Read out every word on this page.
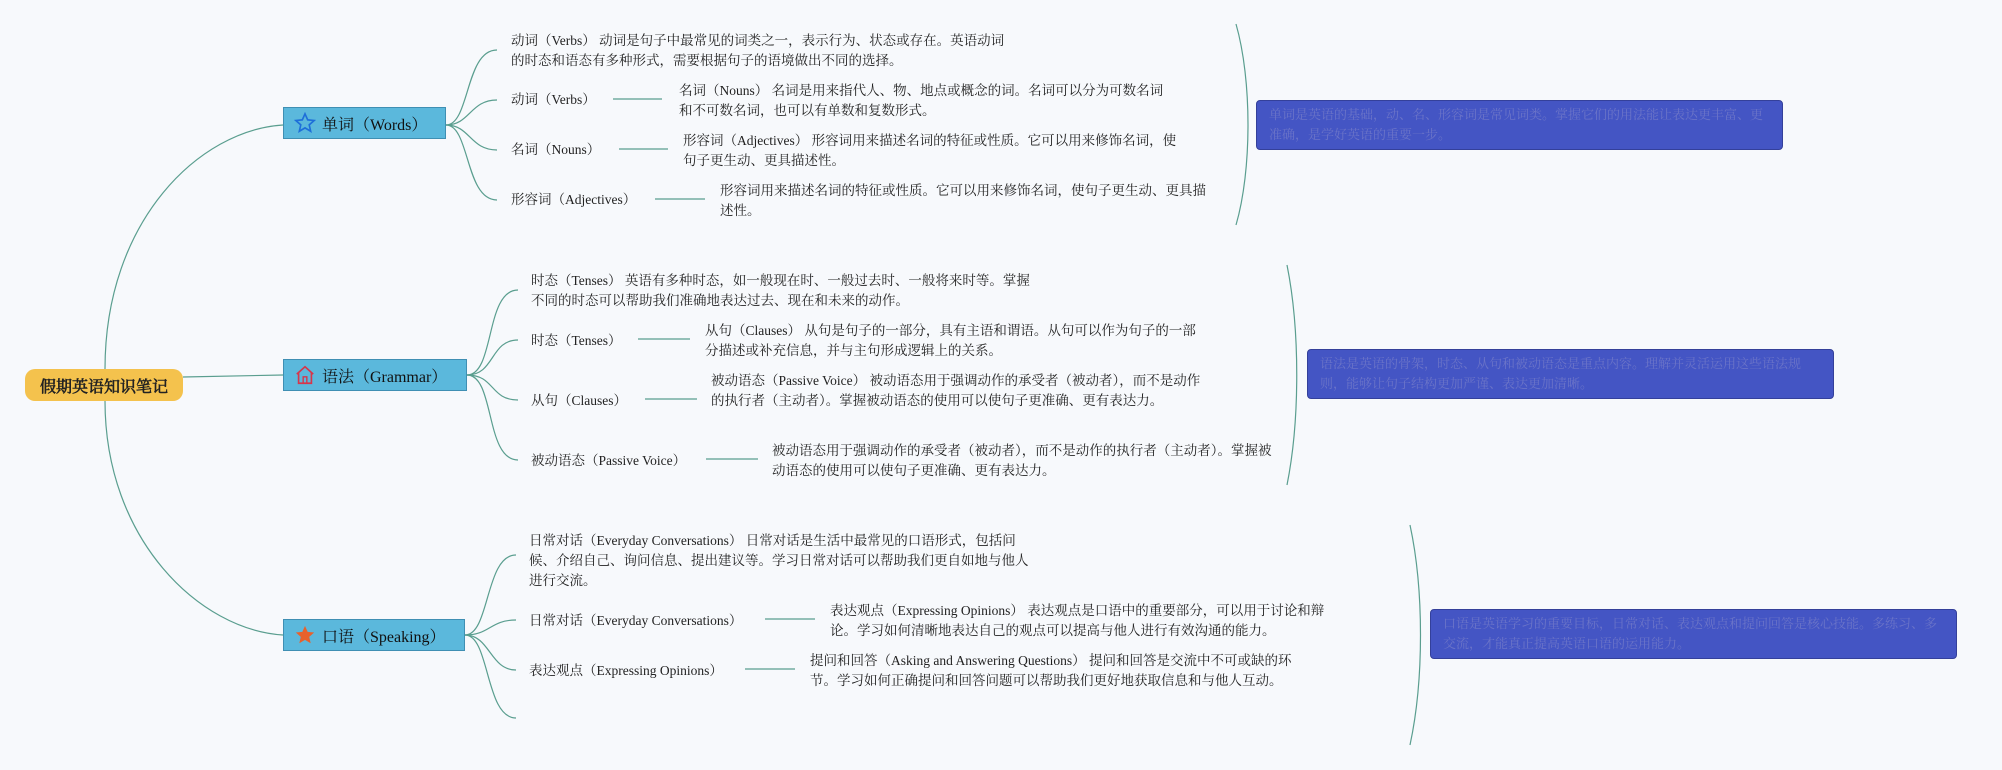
假期英语知识笔记
单词（Words）
动词（Verbs） 动词是句子中最常见的词类之一，表示行为、状态或存在。英语动词的时态和语态有多种形式，需要根据句子的语境做出不同的选择。
动词（Verbs）
名词（Nouns）
形容词（Adjectives）
名词（Nouns） 名词是用来指代人、物、地点或概念的词。名词可以分为可数名词和不可数名词，也可以有单数和复数形式。
形容词（Adjectives） 形容词用来描述名词的特征或性质。它可以用来修饰名词，使句子更生动、更具描述性。
形容词用来描述名词的特征或性质。它可以用来修饰名词，使句子更生动、更具描述性。
单词是英语的基础，动、名、形容词是常见词类。掌握它们的用法能让表达更丰富、更准确，是学好英语的重要一步。
语法（Grammar）
时态（Tenses） 英语有多种时态，如一般现在时、一般过去时、一般将来时等。掌握不同的时态可以帮助我们准确地表达过去、现在和未来的动作。
时态（Tenses）
从句（Clauses）
被动语态（Passive Voice）
从句（Clauses） 从句是句子的一部分，具有主语和谓语。从句可以作为句子的一部分描述或补充信息，并与主句形成逻辑上的关系。
被动语态（Passive Voice） 被动语态用于强调动作的承受者（被动者），而不是动作的执行者（主动者）。掌握被动语态的使用可以使句子更准确、更有表达力。
被动语态用于强调动作的承受者（被动者），而不是动作的执行者（主动者）。掌握被动语态的使用可以使句子更准确、更有表达力。
语法是英语的骨架，时态、从句和被动语态是重点内容。理解并灵活运用这些语法规则，能够让句子结构更加严谨、表达更加清晰。
口语（Speaking）
日常对话（Everyday Conversations） 日常对话是生活中最常见的口语形式，包括问候、介绍自己、询问信息、提出建议等。学习日常对话可以帮助我们更自如地与他人进行交流。
日常对话（Everyday Conversations）
表达观点（Expressing Opinions）
表达观点（Expressing Opinions） 表达观点是口语中的重要部分，可以用于讨论和辩论。学习如何清晰地表达自己的观点可以提高与他人进行有效沟通的能力。
提问和回答（Asking and Answering Questions） 提问和回答是交流中不可或缺的环节。学习如何正确提问和回答问题可以帮助我们更好地获取信息和与他人互动。
口语是英语学习的重要目标，日常对话、表达观点和提问回答是核心技能。多练习、多交流，才能真正提高英语口语的运用能力。
